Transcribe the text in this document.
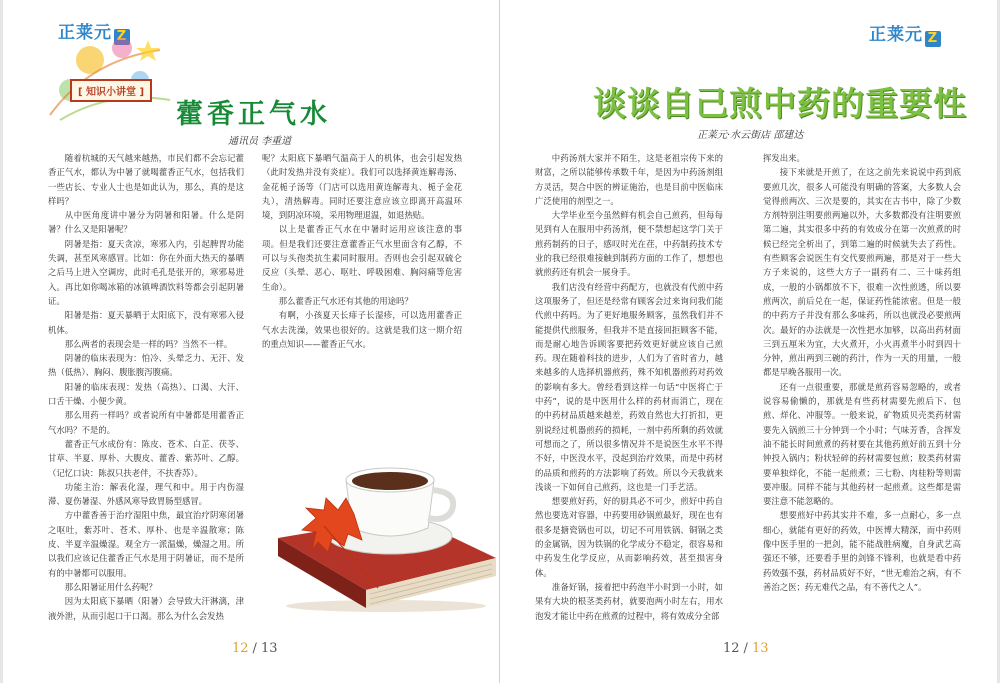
正莱元 Z
[ 知识小讲堂 ]
藿香正气水
通讯员 李重道

随着杭城的天气越来越热，市民们都不会忘记藿香正气水，都认为中暑了就喝藿香正气水，包括我们一些店长、专业人士也是如此认为，那么，真的是这样吗？

从中医角度讲中暑分为阴暑和阳暑。什么是阴暑？什么又是阳暑呢？

阴暑是指：夏天贪凉，寒邪入内，引起脾胃功能失调，甚至风寒感冒。比如：你在外面大热天的暴晒之后马上进入空调房，此时毛孔是张开的，寒邪易进入。再比如你喝冰箱的冰镇啤酒饮料等都会引起阴暑证。

阳暑是指：夏天暴晒于太阳底下，没有寒邪入侵机体。

那么两者的表现会是一样的吗？当然不一样。

阴暑的临床表现为：怕冷、头晕乏力、无汗、发热（低热）、胸闷、腹胀腹泻腹痛。

阳暑的临床表现：发热（高热）、口渴、大汗、口舌干燥、小便少黄。

那么用药一样吗？或者说所有中暑都是用藿香正气水吗？不是的。

藿香正气水成份有：陈皮、苍术、白芷、茯苓、甘草、半夏、厚朴、大腹皮、藿香、紫苏叶、乙醇。（记忆口诀：陈叔只扶老伴，不扶香苏）。

功能主治：解表化湿，理气和中。用于内伤湿滞、夏伤暑湿、外感风寒导致胃肠型感冒。

方中藿香善于治疗湿阻中焦，最宜治疗阴寒闭暑之呕吐，紫苏叶、苍术、厚朴、也是辛温散寒；陈皮、半夏辛温燥湿。观全方一派温燥，燥湿之用。所以我们应该记住藿香正气水是用于阴暑证，而不是所有的中暑都可以服用。

那么阳暑证用什么药呢？

因为太阳底下暴晒（阳暑）会导致大汗淋漓，津液外泄，从而引起口干口渴。那么为什么会发热

呢？太阳底下暴晒气温高于人的机体，也会引起发热（此时发热并没有炎症）。我们可以选择黄连解毒汤、金花栀子汤等（门店可以选用黄连解毒丸、栀子金花丸），清热解毒。同时还要注意应该立即离开高温环境，到阴凉环境，采用物理退温，如退热贴。

以上是藿香正气水在中暑时运用应该注意的事项。但是我们还要注意藿香正气水里面含有乙醇，不可以与头孢类抗生素同时服用。否则也会引起双硫仑反应（头晕、恶心、呕吐、呼吸困难、胸闷痛等危害生命）。

那么藿香正气水还有其他的用途吗？

有啊，小孩夏天长痱子长湿疹，可以选用藿香正气水去洗澡，效果也很好的。这就是我们这一期介绍的重点知识——藿香正气水。

12 / 13
正莱元 Z
谈谈自己煎中药的重要性
正莱元·水云街店 邵建达

中药汤剂大家并不陌生，这是老祖宗传下来的财富，之所以能够传承数千年，是因为中药汤剂组方灵活，契合中医的辨证施治，也是目前中医临床广泛使用的剂型之一。

大学毕业至今虽然鲜有机会自己煎药，但每每见到有人在服用中药汤剂，便不禁想起这学门关于煎药制药的日子，感叹时光在荏，中药制药技术专业的我已经很难接触到制药方面的工作了，想想也就煎药还有机会一展身手。

我们店没有经营中药配方，也就没有代煎中药这项服务了，但还是经常有顾客会过来询问我们能代煎中药吗。为了更好地服务顾客，虽然我们并不能提供代煎服务，但我并不是直接回拒顾客不能，而是耐心地告诉顾客要把药效更好就应该自己煎药。现在随着科技的进步，人们为了省时省力，越来越多的人选择机器煎药，殊不知机器煎药对药效的影响有多大。曾经看到这样一句话“中医将亡于中药”，说的是中医用什么样的药材而消亡，现在的中药材品质越来越差，药效自然也大打折扣，更别说经过机器煎药的损耗，一剂中药所剩的药效就可想而之了，所以很多情况并不是说医生水平不得不好，中医没水平，没起到治疗效果，而是中药材的品质和煎药的方法影响了药效。所以今天我就来浅谈一下如何自己煎药，这也是一门手艺活。

想要煎好药，好的厨具必不可少，煎好中药自然也要选对容器，中药要用砂锅煎最好，现在也有很多是搪瓷锅也可以，切记不可用铁锅、铜锅之类的金属锅，因为铁锅的化学成分不稳定，很容易和中药发生化学反应，从而影响药效，甚至损害身体。

准备好锅，接着把中药泡半小时到一小时，如果有大块的根茎类药材，就要泡两小时左右，用水泡发才能让中药在煎煮的过程中，将有效成分全部

挥发出来。

接下来就是开煎了，在这之前先来说说中药到底要煎几次，很多人可能没有明确的答案，大多数人会觉得煎两次、三次是要的，其实在古书中，除了少数方剂特别注明要煎两遍以外，大多数都没有注明要煎第二遍，其实很多中药的有效成分在第一次煎煮的时候已经完全析出了，到第二遍的时候就失去了药性。有些顾客会说医生有交代要煎两遍，那是对于一些大方子来说的，这些大方子一副药有二、三十味药组成，一般的小锅都放不下，很难一次性煎透，所以要煎两次，前后兑在一起，保证药性能浓密。但是一般的中药方子并没有那么多味药，所以也就没必要煎两次。最好的办法就是一次性把水加够，以高出药材面三到五厘米为宜，大火煮开，小火再煮半小时到四十分钟，煎出两到三碗的药汁，作为一天的用量，一般都是早晚各服用一次。

还有一点很重要，那就是煎药容易忽略的，或者说容易偷懒的，那就是有些药材需要先煎后下、包煎、烊化、冲服等。一般来说，矿物质贝壳类药材需要先入锅煎三十分钟到一个小时；气味芳香，含挥发油不能长时间煎煮的药材要在其他药煎好前五到十分钟投入锅内；粉状轻碎的药材需要包煎；胶类药材需要单独烊化，不能一起煎煮；三七粉、肉桂粉等则需要冲服。同样不能与其他药材一起煎煮。这些都是需要注意不能忽略的。

想要煎好中药其实并不难，多一点耐心，多一点细心，就能有更好的药效，中医博大精深，而中药则像中医手里的一把剑，能不能战胜病魔，自身武艺高强还不够，还要看手里的剑锋不锋利，也就是看中药药效强不强，药材品质好不好，“世无难治之病，有不善治之医；药无难代之品，有不善代之人”。

12 / 13
